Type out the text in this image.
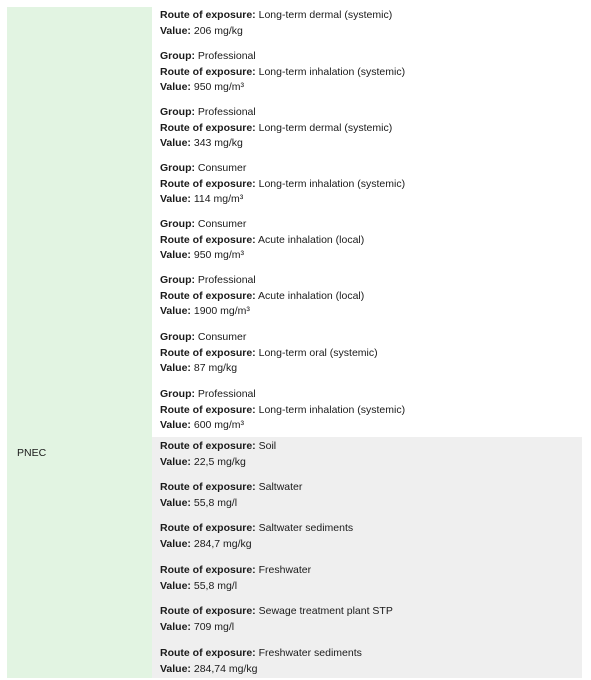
PNEC
Route of exposure: Long-term dermal (systemic)
Value: 206 mg/kg
Group: Professional
Route of exposure: Long-term inhalation (systemic)
Value: 950 mg/m³
Group: Professional
Route of exposure: Long-term dermal (systemic)
Value: 343 mg/kg
Group: Consumer
Route of exposure: Long-term inhalation (systemic)
Value: 114 mg/m³
Group: Consumer
Route of exposure: Acute inhalation (local)
Value: 950 mg/m³
Group: Professional
Route of exposure: Acute inhalation (local)
Value: 1900 mg/m³
Group: Consumer
Route of exposure: Long-term oral (systemic)
Value: 87 mg/kg
Group: Professional
Route of exposure: Long-term inhalation (systemic)
Value: 600 mg/m³
Route of exposure: Soil
Value: 22,5 mg/kg
Route of exposure: Saltwater
Value: 55,8 mg/l
Route of exposure: Saltwater sediments
Value: 284,7 mg/kg
Route of exposure: Freshwater
Value: 55,8 mg/l
Route of exposure: Sewage treatment plant STP
Value: 709 mg/l
Route of exposure: Freshwater sediments
Value: 284,74 mg/kg
